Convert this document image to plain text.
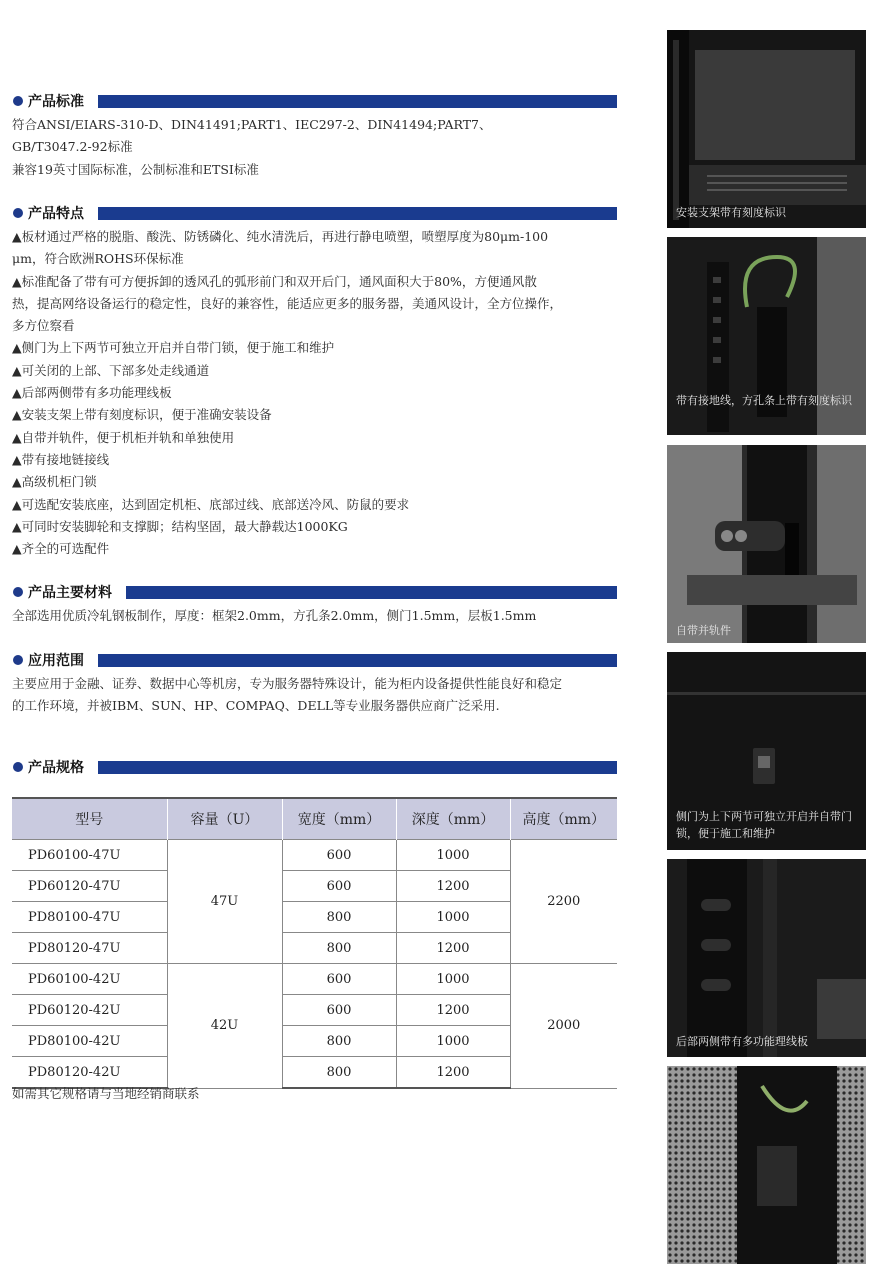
产品标准

符合ANSI/EIARS-310-D、DIN41491;PART1、IEC297-2、DIN41494;PART7、

GB/T3047.2-92标准

兼容19英寸国际标准，公制标准和ETSI标准

产品特点

▲板材通过严格的脱脂、酸洗、防锈磷化、纯水清洗后，再进行静电喷塑，喷塑厚度为80μm-100

μm，符合欧洲ROHS环保标准

▲标准配备了带有可方便拆卸的透风孔的弧形前门和双开后门，通风面积大于80%，方便通风散

热，提高网络设备运行的稳定性，良好的兼容性，能适应更多的服务器，美通风设计，全方位操作，

多方位察看

▲侧门为上下两节可独立开启并自带门锁，便于施工和维护

▲可关闭的上部、下部多处走线通道

▲后部两侧带有多功能理线板

▲安装支架上带有刻度标识，便于准确安装设备

▲自带并轨件，便于机柜并轨和单独使用

▲带有接地链接线

▲高级机柜门锁

▲可选配安装底座，达到固定机柜、底部过线、底部送冷风、防鼠的要求

▲可同时安装脚轮和支撑脚；结构坚固，最大静载达1000KG

▲齐全的可选配件

产品主要材料

全部选用优质冷轧钢板制作，厚度：框架2.0mm，方孔条2.0mm，侧门1.5mm，层板1.5mm

应用范围

主要应用于金融、证券、数据中心等机房，专为服务器特殊设计，能为柜内设备提供性能良好和稳定

的工作环境，并被IBM、SUN、HP、COMPAQ、DELL等专业服务器供应商广泛采用.

产品规格
型号	容量（U）	宽度（mm）	深度（mm）	高度（mm）
PD60100-47U	47U	600	1000	2200
PD60120-47U		600	1200	
PD80100-47U		800	1000	
PD80120-47U		800	1200	
PD60100-42U	42U	600	1000	2000
PD60120-42U		600	1200	
PD80100-42U		800	1000	
PD80120-42U		800	1200	

如需其它规格请与当地经销商联系

安装支架带有刻度标识
带有接地线，方孔条上带有刻度标识
自带并轨件
侧门为上下两节可独立开启并自带门锁，便于施工和维护
后部两侧带有多功能理线板
